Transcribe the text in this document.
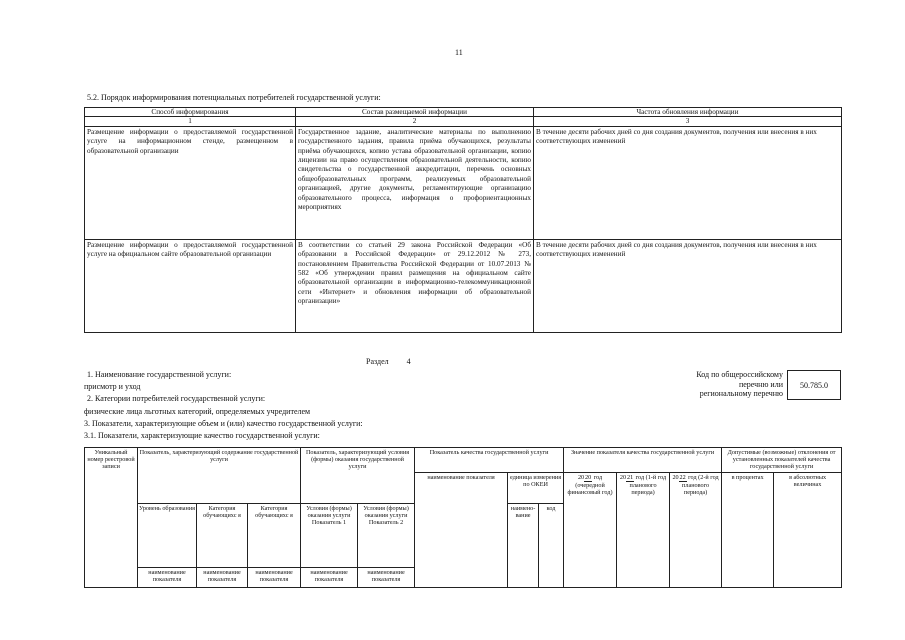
11
5.2. Порядок информирования потенциальных потребителей государственной услуги:
Способ информирования	Состав размещаемой информации	Частота обновления информации
1	2	3
Размещение информации о предоставляемой государственной услуге на информационном стенде, размещенном в образовательной организации	Государственное задание, аналитические материалы по выполнению государственного задания, правила приёма обучающихся, результаты приёма обучающихся, копию устава образовательной организации, копию лицензии на право осуществления образовательной деятельности, копию свидетельства о государственной аккредитации, перечень основных общеобразовательных программ, реализуемых образовательной организацией, другие документы, регламентирующие организацию образовательного процесса, информация о профориентационных мероприятиях	В течение десяти рабочих дней со дня создания документов, получения или внесения в них соответствующих изменений
Размещение информации о предоставляемой государственной услуге на официальном сайте образовательной организации	В соответствии со статьей 29 закона Российской Федерации «Об образовании в Российской Федерации» от 29.12.2012 № 273, постановлением Правительства Российской Федерации от 10.07.2013 № 582 «Об утверждении правил размещения на официальном сайте образовательной организации в информационно-телекоммуникационной сети «Интернет» и обновления информации об образовательной организации»	В течение десяти рабочих дней со дня создания документов, получения или внесения в них соответствующих изменений
Раздел 4
1. Наименование государственной услуги:
присмотр и уход
2. Категории потребителей государственной услуги:
физические лица льготных категорий, определяемых учредителем
3. Показатели, характеризующие объем и (или) качество государственной услуги:
3.1. Показатели, характеризующие качество государственной услуги:
Код по общероссийскому
перечню или
региональному перечню
50.785.0
Уникальный номер реестровой записи	Показатель, характеризующий содержание государственной услуги			Показатель, характеризующий условия (формы) оказания государственной услуги		Показатель качества государственной услуги			Значение показателя качества государственной услуги			Допустимые (возможные) отклонения от установленных показателей качества государственной услуги	
						наименование показателя	единица измерения по ОКЕИ		2020 год (очередной финансовый год)	2021 год (1-й год планового периода)	2022 год (2-й год планового периода)	в процентах	в абсолютных величинах
	Уровень образования	Категория обучающихс я	Категория обучающихс я	Условия (формы) оказания услуги Показатель 1	Условия (формы) оказания услуги Показатель 2		наимено-вание	код					
	наименование показателя	наименование показателя	наименование показателя	наименование показателя	наименование показателя								
